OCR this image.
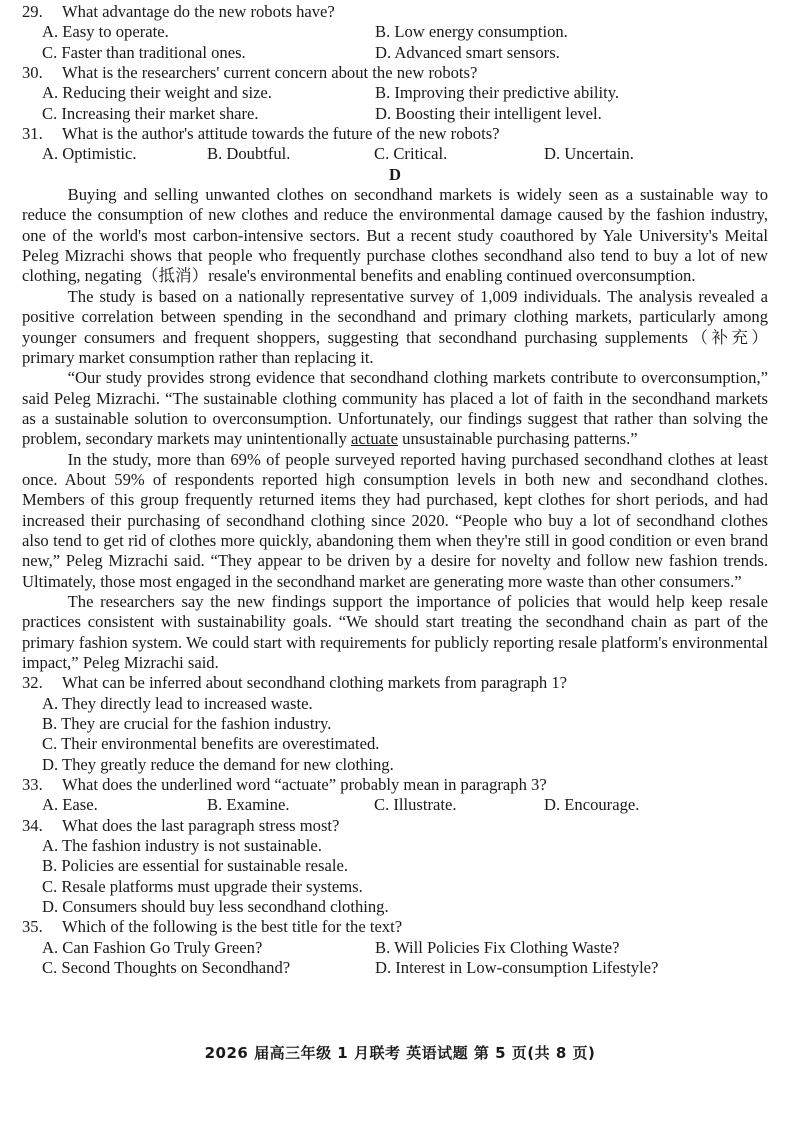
29. What advantage do the new robots have?
A. Easy to operate.	B. Low energy consumption.
C. Faster than traditional ones.	D. Advanced smart sensors.
30. What is the researchers' current concern about the new robots?
A. Reducing their weight and size.	B. Improving their predictive ability.
C. Increasing their market share.	D. Boosting their intelligent level.
31. What is the author's attitude towards the future of the new robots?
A. Optimistic.	B. Doubtful.	C. Critical.	D. Uncertain.
D

Buying and selling unwanted clothes on secondhand markets is widely seen as a sustainable way to reduce the consumption of new clothes and reduce the environmental damage caused by the fashion industry, one of the world's most carbon-intensive sectors. But a recent study coauthored by Yale University's Meital Peleg Mizrachi shows that people who frequently purchase clothes secondhand also tend to buy a lot of new clothing, negating（抵消）resale's environmental benefits and enabling continued overconsumption.

The study is based on a nationally representative survey of 1,009 individuals. The analysis revealed a positive correlation between spending in the secondhand and primary clothing markets, particularly among younger consumers and frequent shoppers, suggesting that secondhand purchasing supplements（补充）primary market consumption rather than replacing it.

“Our study provides strong evidence that secondhand clothing markets contribute to overconsumption,” said Peleg Mizrachi. “The sustainable clothing community has placed a lot of faith in the secondhand markets as a sustainable solution to overconsumption. Unfortunately, our findings suggest that rather than solving the problem, secondary markets may unintentionally actuate unsustainable purchasing patterns.”

In the study, more than 69% of people surveyed reported having purchased secondhand clothes at least once. About 59% of respondents reported high consumption levels in both new and secondhand clothes. Members of this group frequently returned items they had purchased, kept clothes for short periods, and had increased their purchasing of secondhand clothing since 2020. “People who buy a lot of secondhand clothes also tend to get rid of clothes more quickly, abandoning them when they're still in good condition or even brand new,” Peleg Mizrachi said. “They appear to be driven by a desire for novelty and follow new fashion trends. Ultimately, those most engaged in the secondhand market are generating more waste than other consumers.”

The researchers say the new findings support the importance of policies that would help keep resale practices consistent with sustainability goals. “We should start treating the secondhand chain as part of the primary fashion system. We could start with requirements for publicly reporting resale platform's environmental impact,” Peleg Mizrachi said.

32. What can be inferred about secondhand clothing markets from paragraph 1?
A. They directly lead to increased waste.
B. They are crucial for the fashion industry.
C. Their environmental benefits are overestimated.
D. They greatly reduce the demand for new clothing.
33. What does the underlined word “actuate” probably mean in paragraph 3?
A. Ease.	B. Examine.	C. Illustrate.	D. Encourage.
34. What does the last paragraph stress most?
A. The fashion industry is not sustainable.
B. Policies are essential for sustainable resale.
C. Resale platforms must upgrade their systems.
D. Consumers should buy less secondhand clothing.
35. Which of the following is the best title for the text?
A. Can Fashion Go Truly Green?	B. Will Policies Fix Clothing Waste?
C. Second Thoughts on Secondhand?	D. Interest in Low-consumption Lifestyle?
2026 届高三年级 1 月联考 英语试题 第 5 页(共 8 页)
